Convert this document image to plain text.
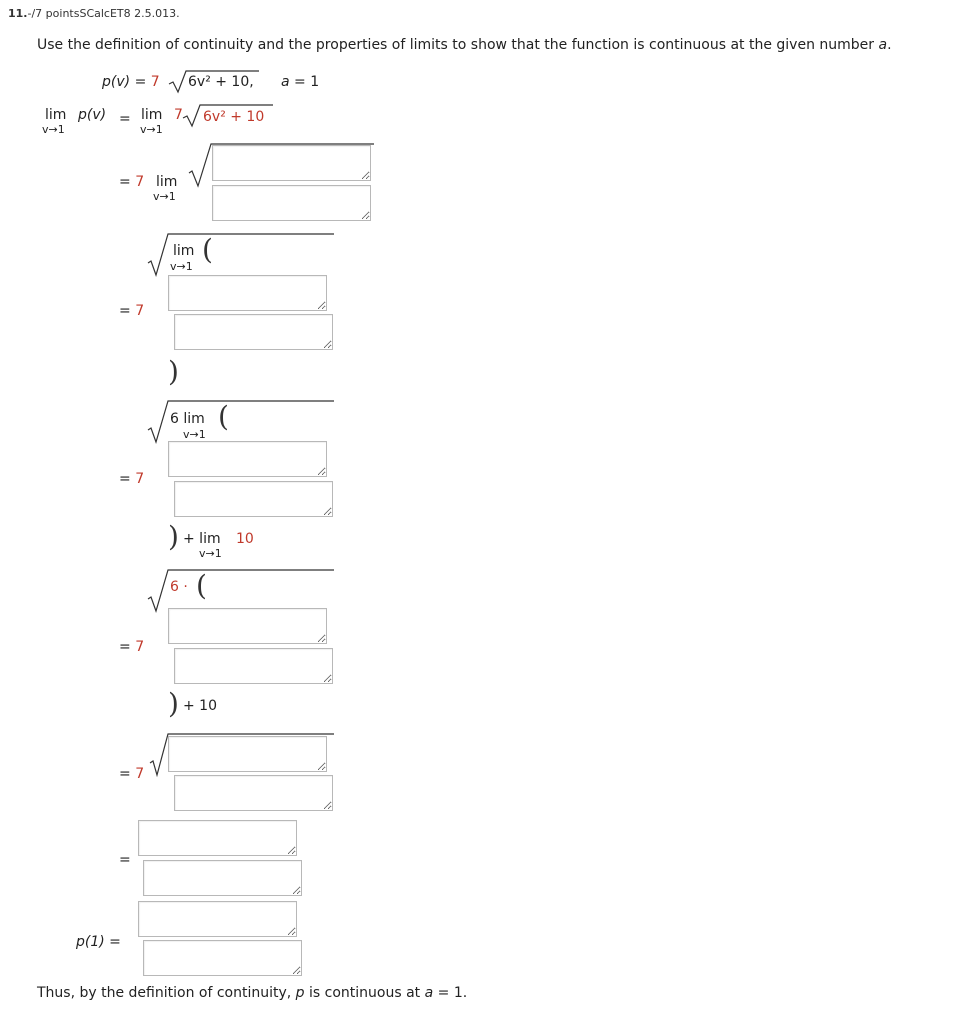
11.-/7 pointsSCalcET8 2.5.013.
Use the definition of continuity and the properties of limits to show that the function is continuous at the given number a.
p(v) = 7 6v² + 10, a = 1
lim
v→1
p(v) = lim
v→1
7 6v² + 10
= 7 lim
v→1
lim
v→1
(
= 7
)
6 lim
v→1
(
= 7
) + lim
v→1
10
6 · (
= 7
) + 10
= 7
=
p(1) =
Thus, by the definition of continuity, p is continuous at a = 1.
